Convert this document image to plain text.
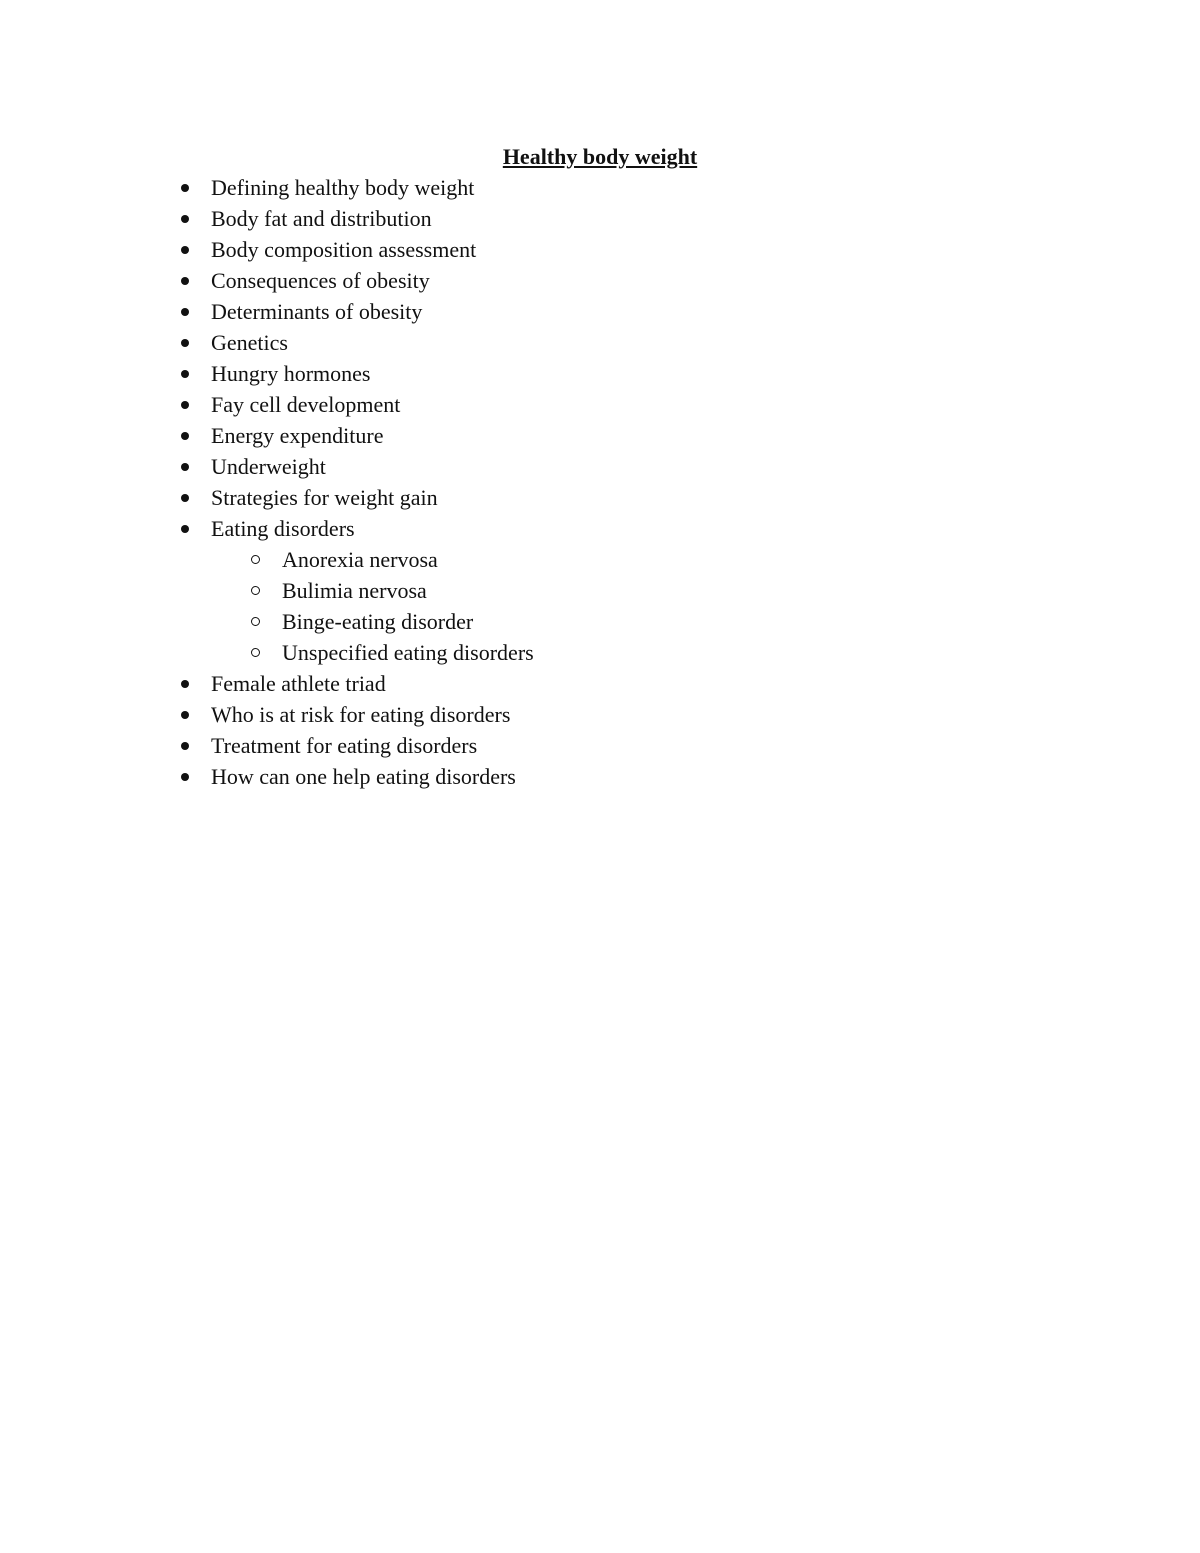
Healthy body weight
Defining healthy body weight
Body fat and distribution
Body composition assessment
Consequences of obesity
Determinants of obesity
Genetics
Hungry hormones
Fay cell development
Energy expenditure
Underweight
Strategies for weight gain
Eating disorders
Anorexia nervosa
Bulimia nervosa
Binge-eating disorder
Unspecified eating disorders
Female athlete triad
Who is at risk for eating disorders
Treatment for eating disorders
How can one help eating disorders
